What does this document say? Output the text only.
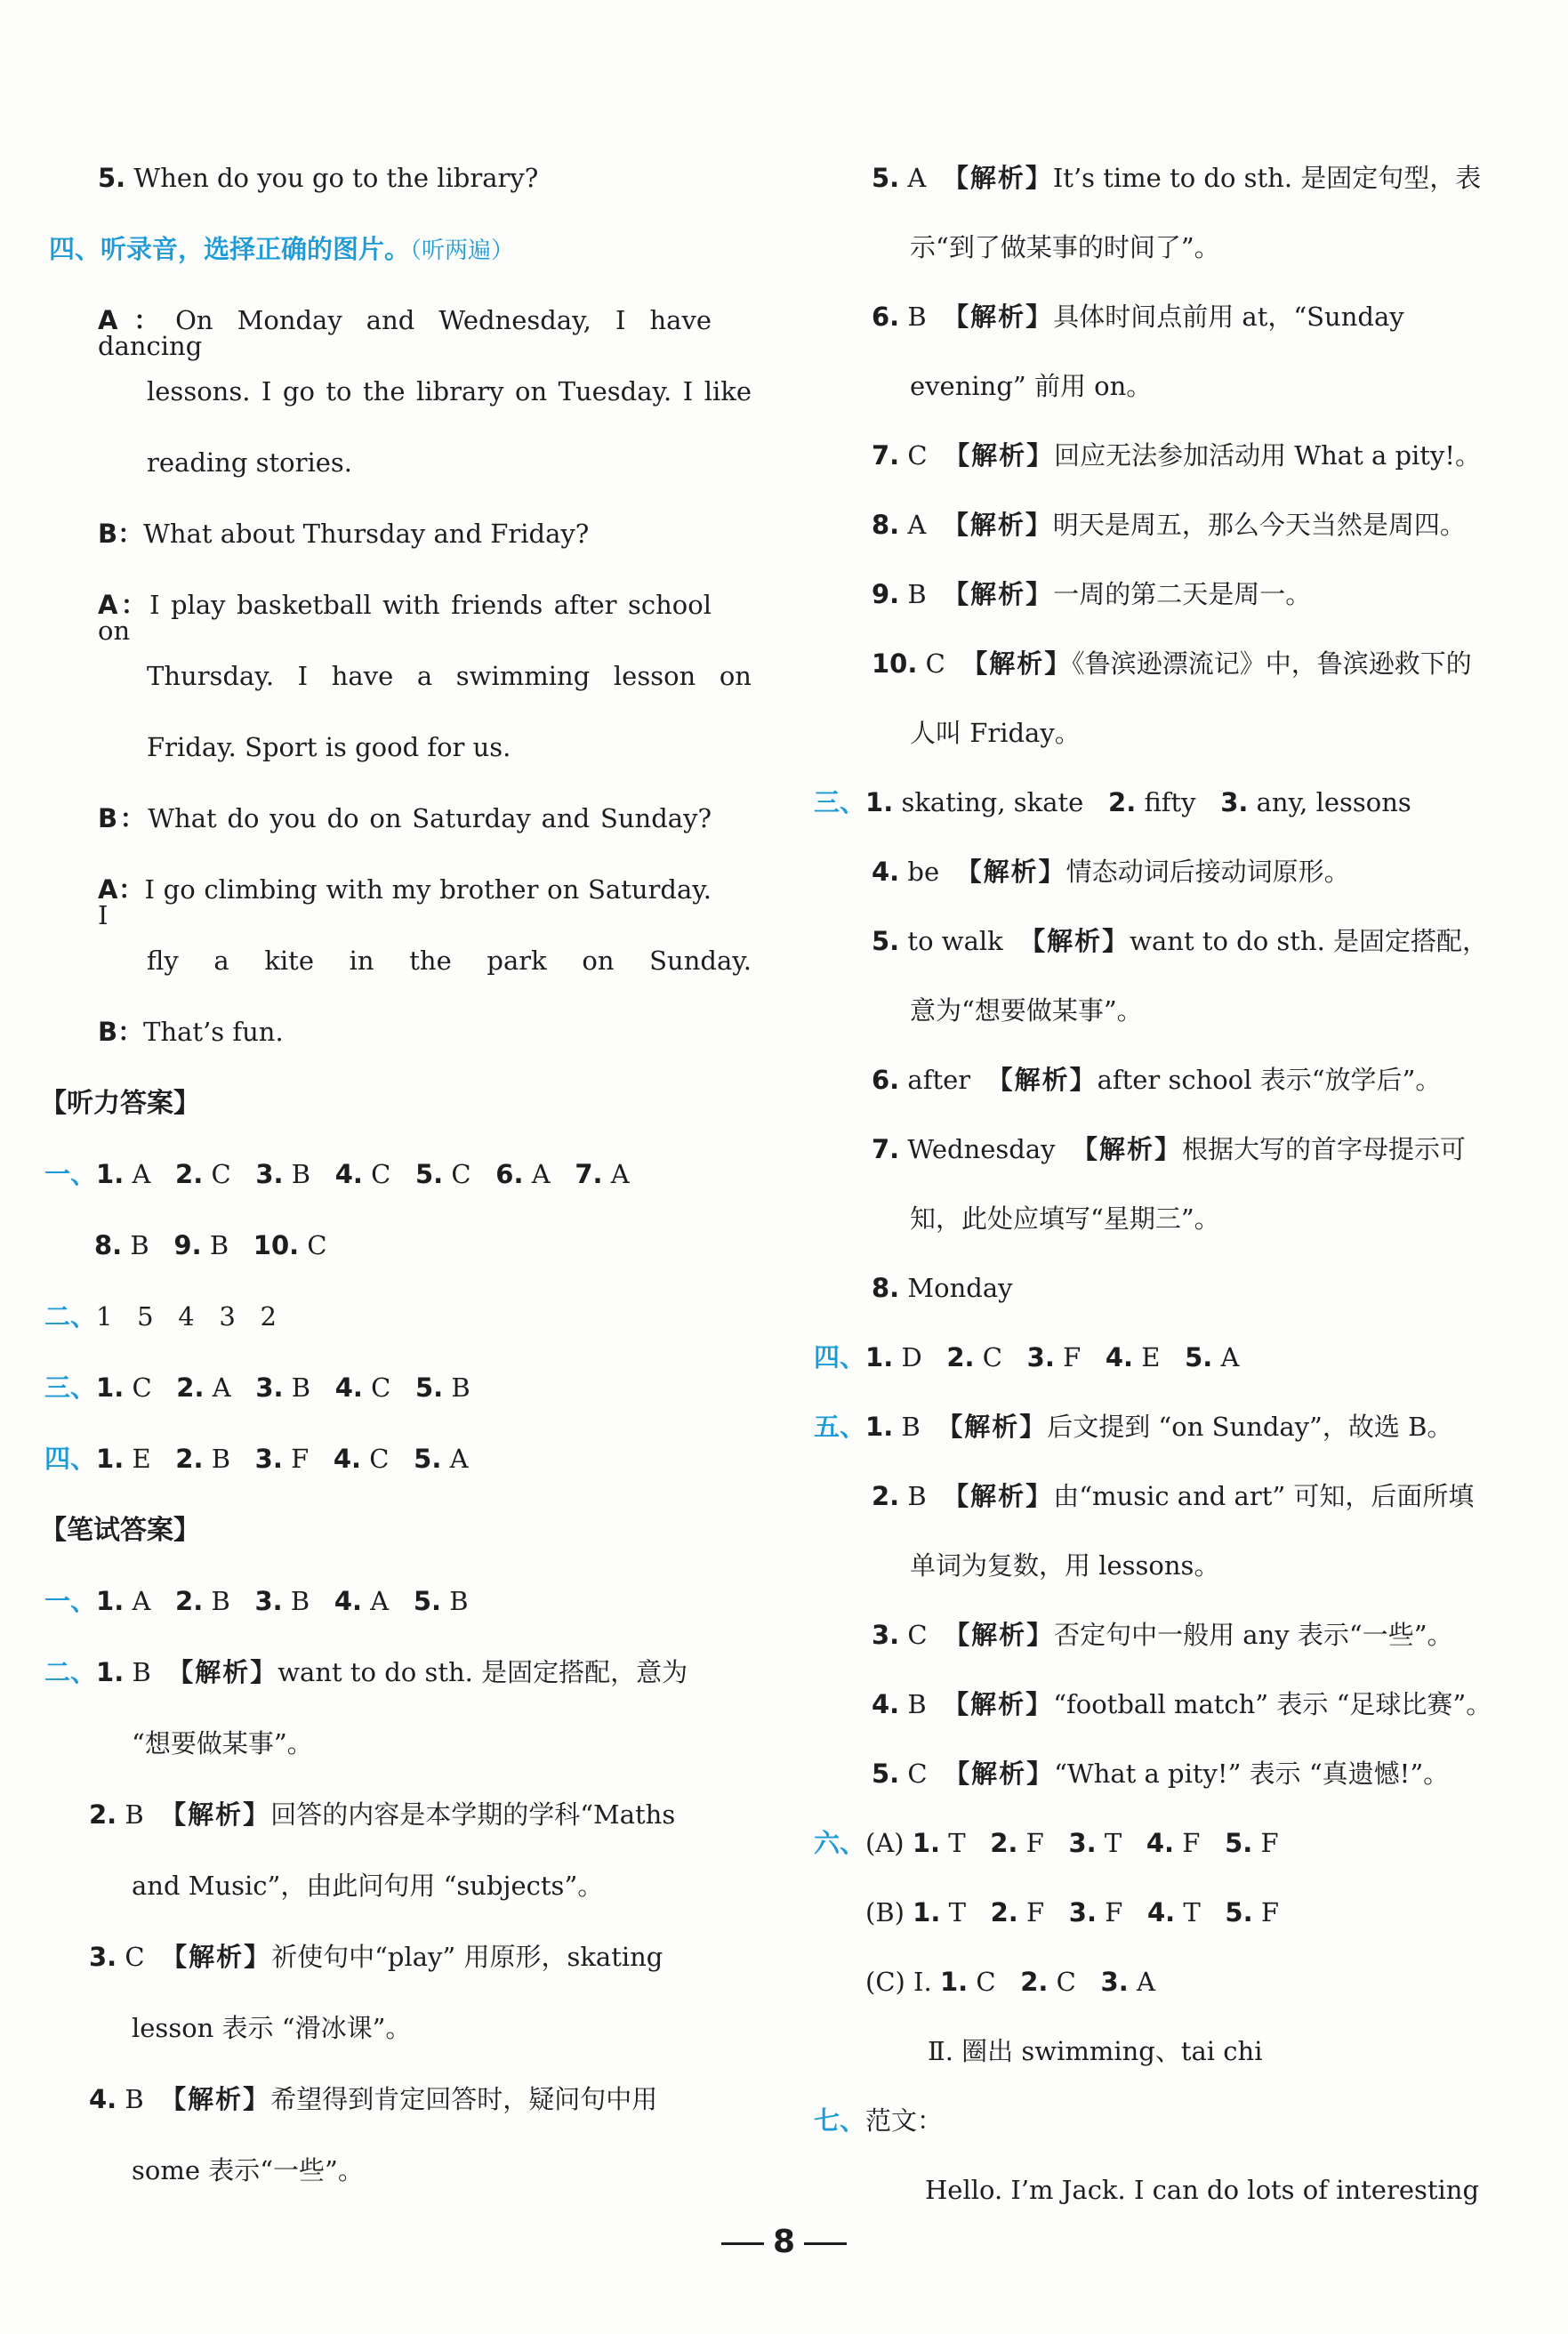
5. When do you go to the library?
四、听录音，选择正确的图片。（听两遍）
A：On Monday and Wednesday, I have dancing
lessons. I go to the library on Tuesday. I like
reading stories.
B：What about Thursday and Friday?
A：I play basketball with friends after school on
Thursday. I have a swimming lesson on
Friday. Sport is good for us.
B：What do you do on Saturday and Sunday?
A：I go climbing with my brother on Saturday. I
fly a kite in the park on Sunday.
B：That’s fun.
【听力答案】
一、1. A 2. C 3. B 4. C 5. C 6. A 7. A
8. B 9. B 10. C
二、1   5   4   3   2
三、1. C 2. A 3. B 4. C 5. B
四、1. E 2. B 3. F 4. C 5. A
【笔试答案】
一、1. A 2. B 3. B 4. A 5. B
二、1. B 【解析】want to do sth. 是固定搭配，意为
“想要做某事”。
2. B 【解析】回答的内容是本学期的学科“Maths
and Music”，由此问句用 “subjects”。
3. C 【解析】祈使句中“play” 用原形，skating
lesson 表示 “滑冰课”。
4. B 【解析】希望得到肯定回答时，疑问句中用
some 表示“一些”。
5. A 【解析】It’s time to do sth. 是固定句型，表
示“到了做某事的时间了”。
6. B 【解析】具体时间点前用 at，“Sunday
evening” 前用 on。
7. C 【解析】回应无法参加活动用 What a pity!。
8. A 【解析】明天是周五，那么今天当然是周四。
9. B 【解析】一周的第二天是周一。
10. C 【解析】《鲁滨逊漂流记》中，鲁滨逊救下的
人叫 Friday。
三、1. skating, skate 2. fifty 3. any, lessons
4. be 【解析】情态动词后接动词原形。
5. to walk 【解析】want to do sth. 是固定搭配，
意为“想要做某事”。
6. after 【解析】after school 表示“放学后”。
7. Wednesday 【解析】根据大写的首字母提示可
知，此处应填写“星期三”。
8. Monday
四、1. D 2. C 3. F 4. E 5. A
五、1. B 【解析】后文提到 “on Sunday”，故选 B。
2. B 【解析】由“music and art” 可知，后面所填
单词为复数，用 lessons。
3. C 【解析】否定句中一般用 any 表示“一些”。
4. B 【解析】“football match” 表示 “足球比赛”。
5. C 【解析】“What a pity!” 表示 “真遗憾!”。
六、(A) 1. T 2. F 3. T 4. F 5. F
(B) 1. T 2. F 3. F 4. T 5. F
(C) Ⅰ. 1. C 2. C 3. A
Ⅱ. 圈出 swimming、tai chi
七、范文：
Hello. I’m Jack. I can do lots of interesting
8
